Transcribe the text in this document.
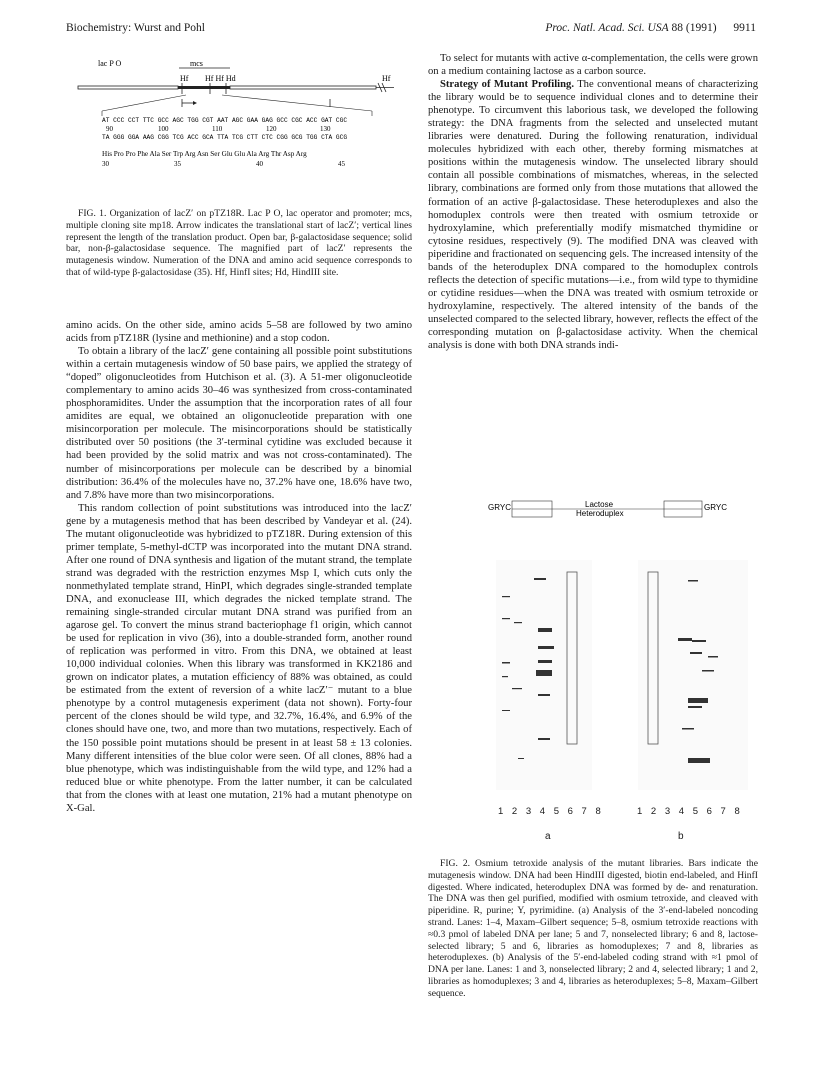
Biochemistry: Wurst and Pohl	Proc. Natl. Acad. Sci. USA 88 (1991) 9911
lac P O	mcs
Hf Hf Hf Hd	Hf
AT CCC CCT TTC GCC AGC TGG CGT AAT AGC GAA GAG GCC CGC ACC GAT CGC
90	100	110	120	130
TA GGG GGA AAG CGG TCG ACC GCA TTA TCG CTT CTC CGG GCG TGG CTA GCG
His Pro Pro Phe Ala Ser Trp Arg Asn Ser Glu Glu Ala Arg Thr Asp Arg
30	35	40	45

FIG. 1. Organization of lacZ′ on pTZ18R. Lac P O, lac operator and promoter; mcs, multiple cloning site mp18. Arrow indicates the translational start of lacZ′; vertical lines represent the length of the translation product. Open bar, β-galactosidase sequence; solid bar, non-β-galactosidase sequence. The magnified part of lacZ′ represents the mutagenesis window. Numeration of the DNA and amino acid sequence corresponds to that of wild-type β-galactosidase (35). Hf, HinfI sites; Hd, HindIII site.

amino acids. On the other side, amino acids 5–58 are followed by two amino acids from pTZ18R (lysine and methionine) and a stop codon.

To obtain a library of the lacZ′ gene containing all possible point substitutions within a certain mutagenesis window of 50 base pairs, we applied the strategy of “doped” oligonucleotides from Hutchison et al. (3). A 51-mer oligonucleotide complementary to amino acids 30–46 was synthesized from cross-contaminated phosphoramidites. Under the assumption that the incorporation rates of all four amidites are equal, we obtained an oligonucleotide preparation with one misincorporation per molecule. The misincorporations should be statistically distributed over 50 positions (the 3′-terminal cytidine was excluded because it had been provided by the solid matrix and was not cross-contaminated). The number of misincorporations per molecule can be described by a binomial distribution: 36.4% of the molecules have no, 37.2% have one, 18.6% have two, and 7.8% have more than two misincorporations.

This random collection of point substitutions was introduced into the lacZ′ gene by a mutagenesis method that has been described by Vandeyar et al. (24). The mutant oligonucleotide was hybridized to pTZ18R. During extension of this primer template, 5-methyl-dCTP was incorporated into the mutant DNA strand. After one round of DNA synthesis and ligation of the mutant strand, the template strand was degraded with the restriction enzymes Msp I, which cuts only the nonmethylated template strand, HinPI, which degrades single-stranded template DNA, and exonuclease III, which degrades the nicked template strand. The remaining single-stranded circular mutant DNA strand was purified from an agarose gel. To convert the minus strand bacteriophage f1 origin, which cannot be used for replication in vivo (36), into a double-stranded form, another round of replication was performed in vitro. From this DNA, we obtained at least 10,000 individual colonies. When this library was transformed in KK2186 and grown on indicator plates, a mutation efficiency of 88% was obtained, as could be estimated from the extent of reversion of a white lacZ′⁻ mutant to a blue phenotype by a control mutagenesis experiment (data not shown). Forty-four percent of the clones should be wild type, and 32.7%, 16.4%, and 6.9% of the clones should have one, two, and more than two mutations, respectively. Each of the 150 possible point mutations should be present in at least 58 ± 13 colonies. Many different intensities of the blue color were seen. Of all clones, 88% had a blue phenotype, which was indistinguishable from the wild type, and 12% had a reduced blue or white phenotype. From the latter number, it can be calculated that from the clones with at least one mutation, 21% had a mutant phenotype on X-Gal.

To select for mutants with active α-complementation, the cells were grown on a medium containing lactose as a carbon source.

Strategy of Mutant Profiling. The conventional means of characterizing the library would be to sequence individual clones and to determine their phenotype. To circumvent this laborious task, we developed the following strategy: the DNA fragments from the selected and unselected mutant libraries were denatured. During the following renaturation, individual molecules hybridized with each other, thereby forming mismatches at positions within the mutagenesis window. The unselected library should contain all possible combinations of mismatches, whereas, in the selected library, combinations are formed only from those mutations that allowed the formation of an active β-galactosidase. These heteroduplexes and also the homoduplex controls were then treated with osmium tetroxide or hydroxylamine, which preferentially modify mismatched thymidine or cytosine residues, respectively (9). The modified DNA was cleaved with piperidine and fractionated on sequencing gels. The increased intensity of the bands of the heteroduplex DNA compared to the homoduplex controls reflects the detection of specific mutations—i.e., from wild type to thymidine or cytidine residues—when the DNA was treated with osmium tetroxide or hydroxylamine, respectively. The altered intensity of the bands of the unselected compared to the selected library, however, reflects the effect of the corresponding mutation on β-galactosidase activity. When the chemical analysis is done with both DNA strands indi-

GRYC	Lactose
Heteroduplex
GRYC
1 2 3 4 5 6 7 8	1 2 3 4 5 6 7 8
a	b

FIG. 2. Osmium tetroxide analysis of the mutant libraries. Bars indicate the mutagenesis window. DNA had been HindIII digested, biotin end-labeled, and HinfI digested. Where indicated, heteroduplex DNA was formed by de- and renaturation. The DNA was then gel purified, modified with osmium tetroxide, and cleaved with piperidine. R, purine; Y, pyrimidine. (a) Analysis of the 3′-end-labeled noncoding strand. Lanes: 1–4, Maxam–Gilbert sequence; 5–8, osmium tetroxide reactions with ≈0.3 pmol of labeled DNA per lane; 5 and 7, nonselected library; 6 and 8, lactose-selected library; 5 and 6, libraries as homoduplexes; 7 and 8, libraries as heteroduplexes. (b) Analysis of the 5′-end-labeled coding strand with ≈1 pmol of DNA per lane. Lanes: 1 and 3, nonselected library; 2 and 4, selected library; 1 and 2, libraries as homoduplexes; 3 and 4, libraries as heteroduplexes; 5–8, Maxam–Gilbert sequence.
